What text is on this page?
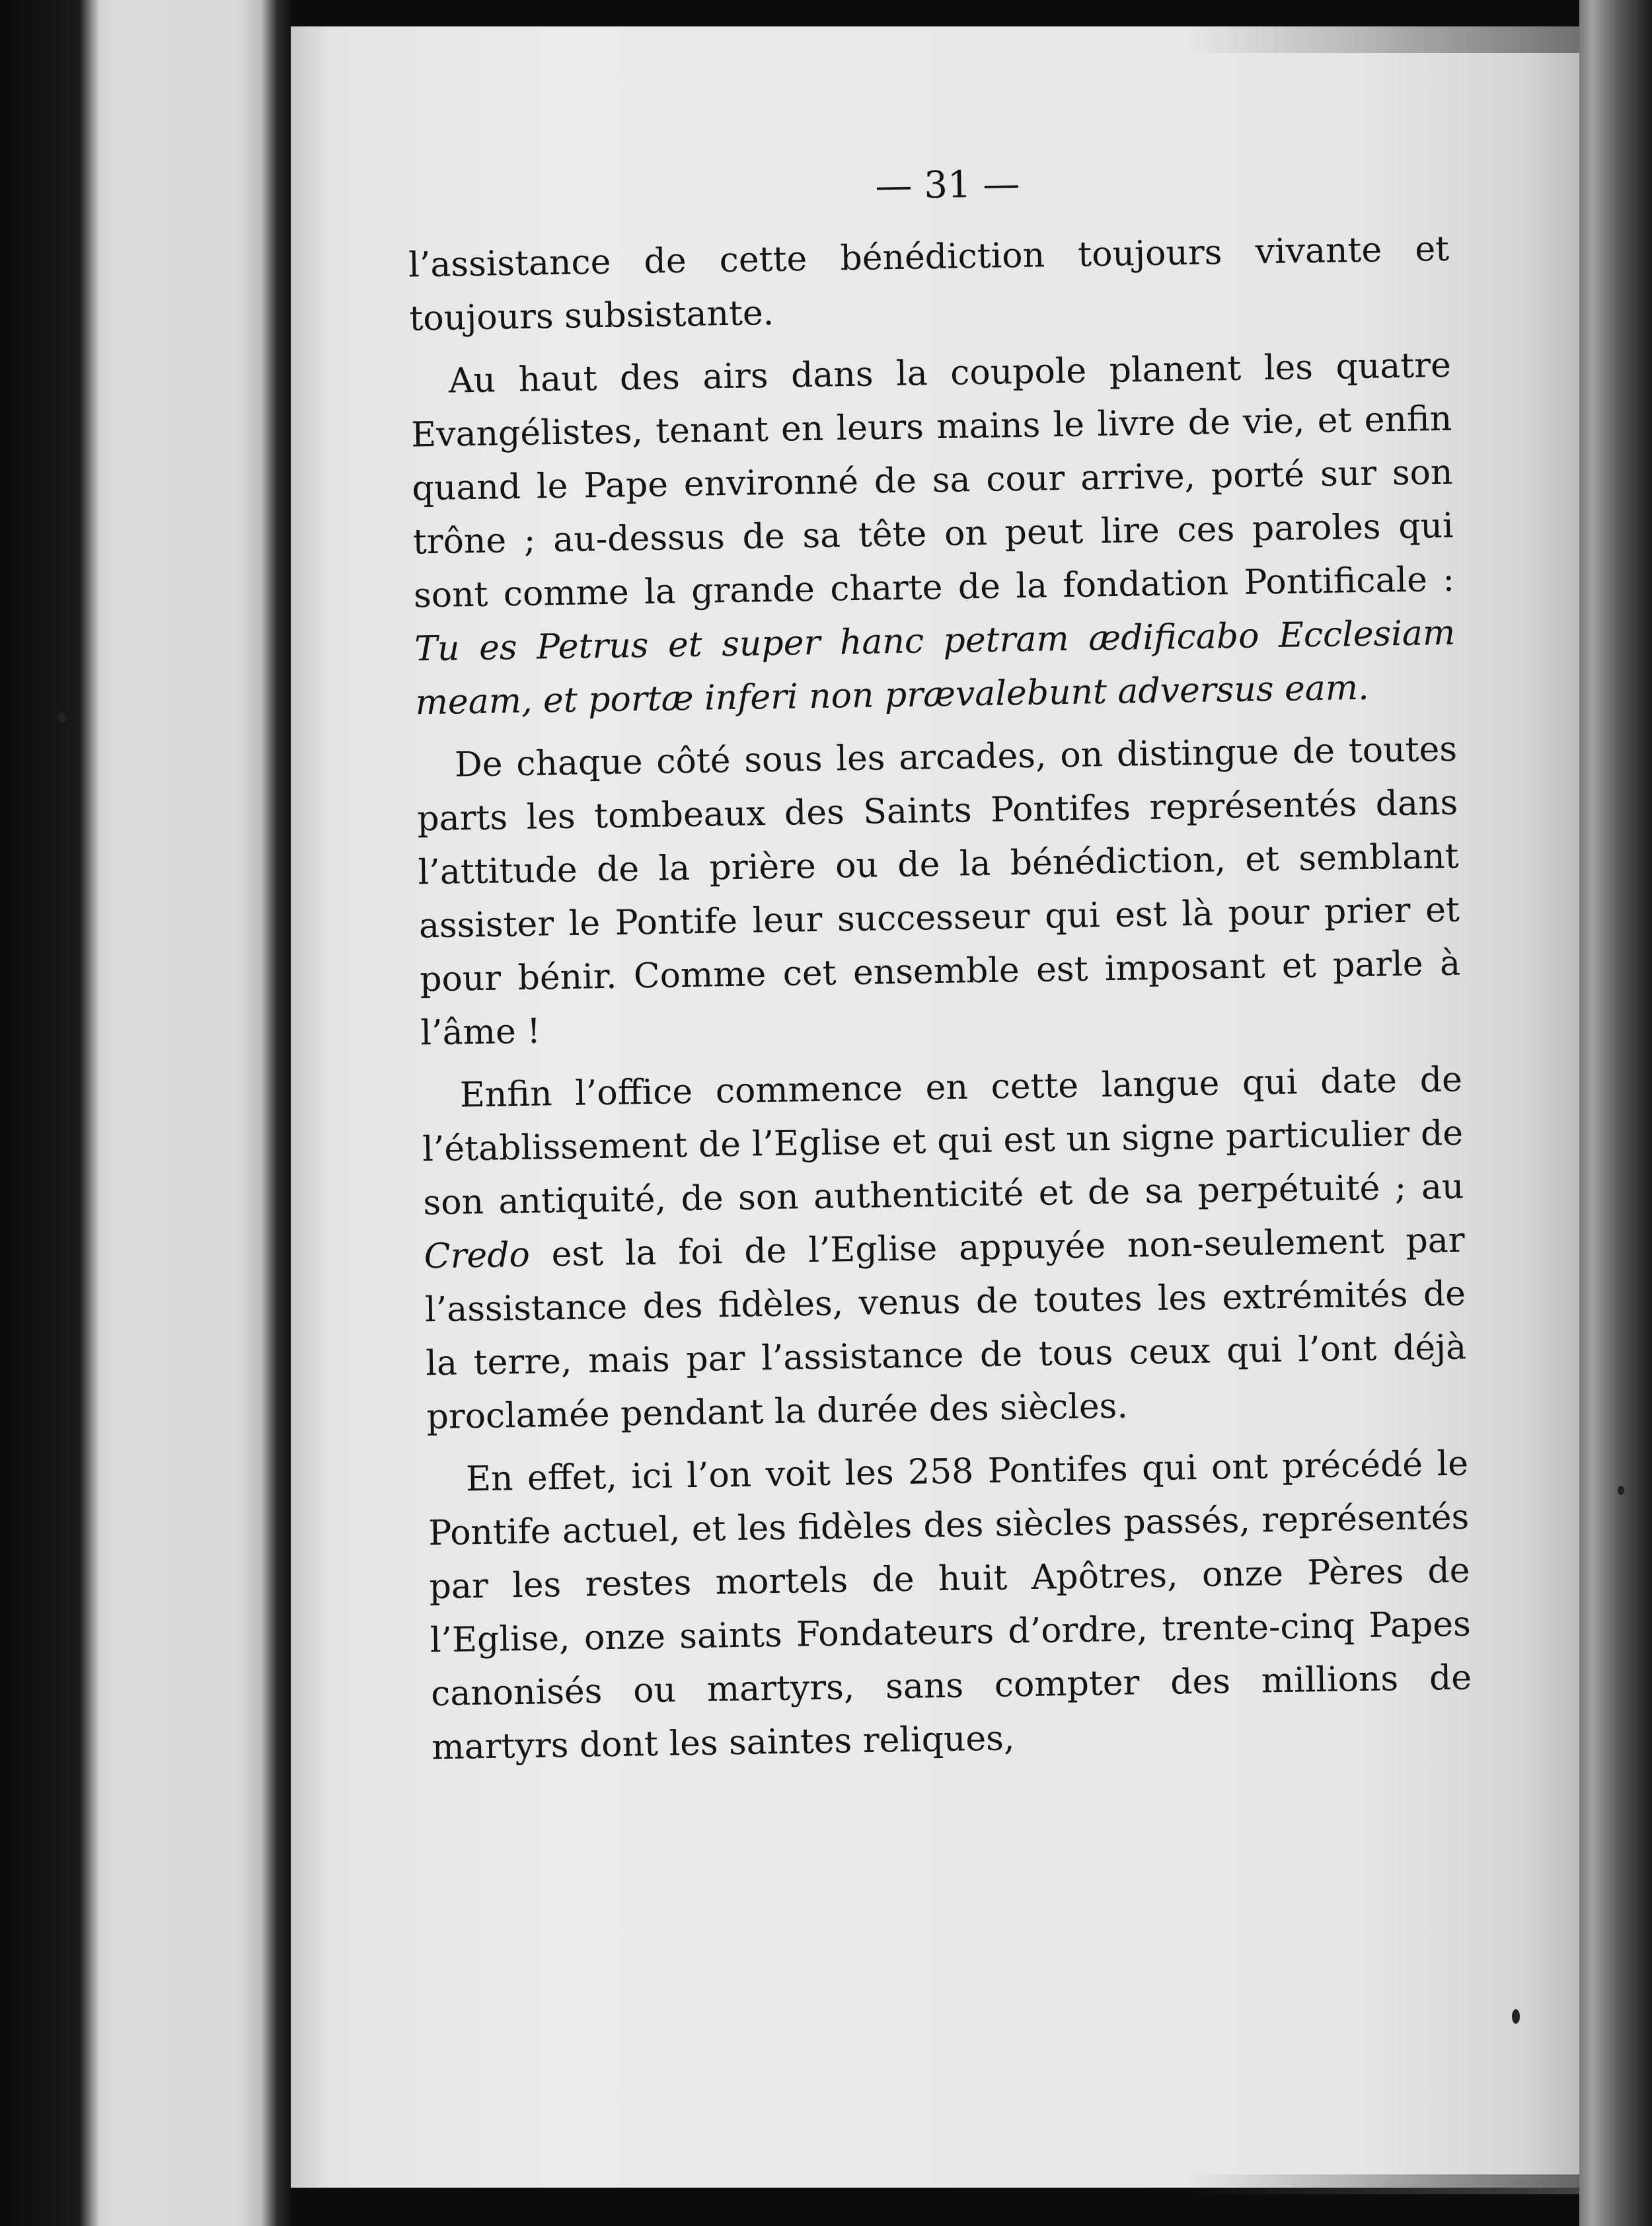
— 31 —

l’assistance de cette bénédiction toujours vivante et toujours subsistante.

Au haut des airs dans la coupole planent les quatre Evangélistes, tenant en leurs mains le livre de vie, et enfin quand le Pape environné de sa cour arrive, porté sur son trône ; au-dessus de sa tête on peut lire ces paroles qui sont comme la grande charte de la fondation Pontificale : Tu es Petrus et super hanc petram ædificabo Ecclesiam meam, et portæ inferi non prævalebunt adversus eam.

De chaque côté sous les arcades, on distingue de toutes parts les tombeaux des Saints Pontifes représentés dans l’attitude de la prière ou de la bénédiction, et semblant assister le Pontife leur successeur qui est là pour prier et pour bénir. Comme cet ensemble est imposant et parle à l’âme !

Enfin l’office commence en cette langue qui date de l’établissement de l’Eglise et qui est un signe particulier de son antiquité, de son authenticité et de sa perpétuité ; au Credo est la foi de l’Eglise appuyée non-seulement par l’assistance des fidèles, venus de toutes les extrémités de la terre, mais par l’assistance de tous ceux qui l’ont déjà proclamée pendant la durée des siècles.

En effet, ici l’on voit les 258 Pontifes qui ont précédé le Pontife actuel, et les fidèles des siècles passés, représentés par les restes mortels de huit Apôtres, onze Pères de l’Eglise, onze saints Fondateurs d’ordre, trente-cinq Papes canonisés ou martyrs, sans compter des millions de martyrs dont les saintes reliques,
